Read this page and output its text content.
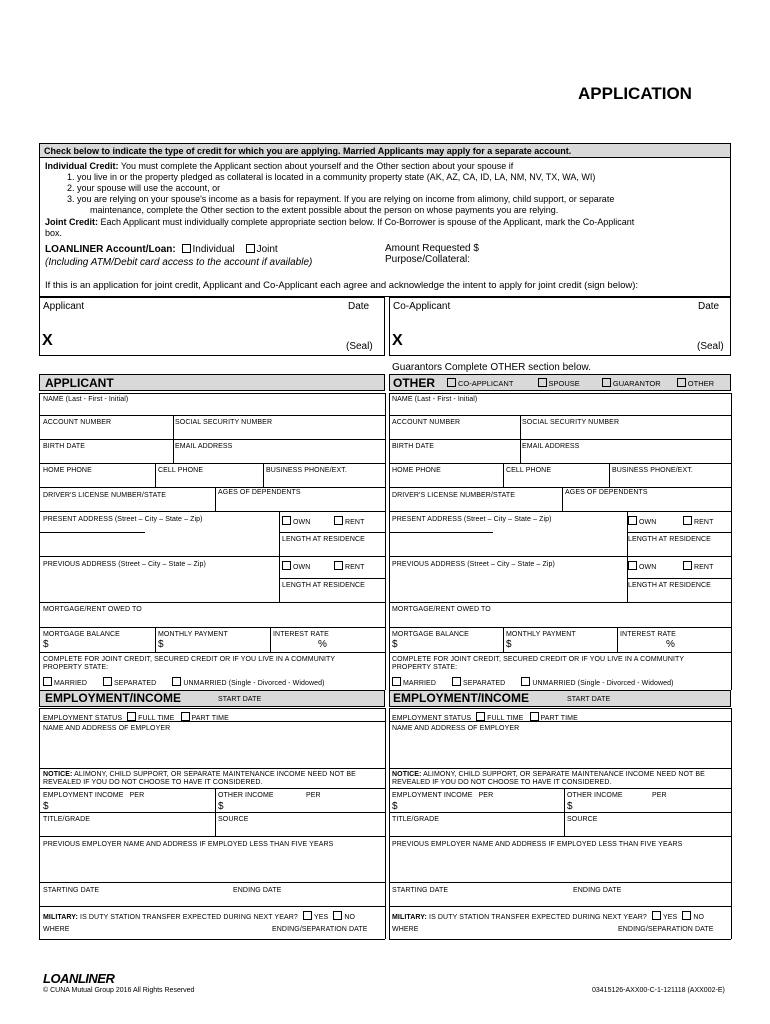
APPLICATION
Check below to indicate the type of credit for which you are applying. Married Applicants may apply for a separate account.
Individual Credit: You must complete the Applicant section about yourself and the Other section about your spouse if
1. you live in or the property pledged as collateral is located in a community property state (AK, AZ, CA, ID, LA, NM, NV, TX, WA, WI)
2. your spouse will use the account, or
3. you are relying on your spouse's income as a basis for repayment. If you are relying on income from alimony, child support, or separate
maintenance, complete the Other section to the extent possible about the person on whose payments you are relying.
Joint Credit: Each Applicant must individually complete appropriate section below. If Co-Borrower is spouse of the Applicant, mark the Co-Applicant
box.
LOANLINER Account/Loan: Individual Joint
(Including ATM/Debit card access to the account if available)
Amount Requested $
Purpose/Collateral:
If this is an application for joint credit, Applicant and Co-Applicant each agree and acknowledge the intent to apply for joint credit (sign below):
Applicant	Date
X	(Seal)
Co-Applicant	Date
X	(Seal)
Guarantors Complete OTHER section below.
APPLICANT	OTHER	CO-APPLICANT	SPOUSE	GUARANTOR	OTHER
NAME (Last - First - Initial)
ACCOUNT NUMBER	SOCIAL SECURITY NUMBER
BIRTH DATE	EMAIL ADDRESS
HOME PHONE	CELL PHONE	BUSINESS PHONE/EXT.
DRIVER'S LICENSE NUMBER/STATE	AGES OF DEPENDENTS
PRESENT ADDRESS (Street – City – State – Zip)	OWN	RENT
LENGTH AT RESIDENCE
PREVIOUS ADDRESS (Street – City – State – Zip)	OWN	RENT
LENGTH AT RESIDENCE
MORTGAGE/RENT OWED TO
MORTGAGE BALANCE	MONTHLY PAYMENT	INTEREST RATE
$	$	%
COMPLETE FOR JOINT CREDIT, SECURED CREDIT OR IF YOU LIVE IN A COMMUNITY PROPERTY STATE:
MARRIED	SEPARATED	UNMARRIED (Single - Divorced - Widowed)
NAME (Last - First - Initial)
ACCOUNT NUMBER	SOCIAL SECURITY NUMBER
BIRTH DATE	EMAIL ADDRESS
HOME PHONE	CELL PHONE	BUSINESS PHONE/EXT.
DRIVER'S LICENSE NUMBER/STATE	AGES OF DEPENDENTS
PRESENT ADDRESS (Street – City – State – Zip)	OWN	RENT
LENGTH AT RESIDENCE
PREVIOUS ADDRESS (Street – City – State – Zip)	OWN	RENT
LENGTH AT RESIDENCE
MORTGAGE/RENT OWED TO
MORTGAGE BALANCE	MONTHLY PAYMENT	INTEREST RATE
$	$	%
COMPLETE FOR JOINT CREDIT, SECURED CREDIT OR IF YOU LIVE IN A COMMUNITY PROPERTY STATE:
MARRIED	SEPARATED	UNMARRIED (Single - Divorced - Widowed)
EMPLOYMENT/INCOME	START DATE	EMPLOYMENT/INCOME	START DATE
EMPLOYMENT STATUS FULL TIME PART TIME
NAME AND ADDRESS OF EMPLOYER
NOTICE: ALIMONY, CHILD SUPPORT, OR SEPARATE MAINTENANCE INCOME NEED NOT BE REVEALED IF YOU DO NOT CHOOSE TO HAVE IT CONSIDERED.
EMPLOYMENT INCOME PER
$
OTHER INCOME	PER
$
TITLE/GRADE	SOURCE
PREVIOUS EMPLOYER NAME AND ADDRESS IF EMPLOYED LESS THAN FIVE YEARS
STARTING DATE	ENDING DATE
MILITARY: IS DUTY STATION TRANSFER EXPECTED DURING NEXT YEAR? YES NO
WHERE	ENDING/SEPARATION DATE
EMPLOYMENT STATUS FULL TIME PART TIME
NAME AND ADDRESS OF EMPLOYER
NOTICE: ALIMONY, CHILD SUPPORT, OR SEPARATE MAINTENANCE INCOME NEED NOT BE REVEALED IF YOU DO NOT CHOOSE TO HAVE IT CONSIDERED.
EMPLOYMENT INCOME PER
$
OTHER INCOME	PER
$
TITLE/GRADE	SOURCE
PREVIOUS EMPLOYER NAME AND ADDRESS IF EMPLOYED LESS THAN FIVE YEARS
STARTING DATE	ENDING DATE
MILITARY: IS DUTY STATION TRANSFER EXPECTED DURING NEXT YEAR? YES NO
WHERE	ENDING/SEPARATION DATE
LOANLINER
© CUNA Mutual Group 2016 All Rights Reserved	03415126-AXX00-C-1-121118 (AXX002-E)
